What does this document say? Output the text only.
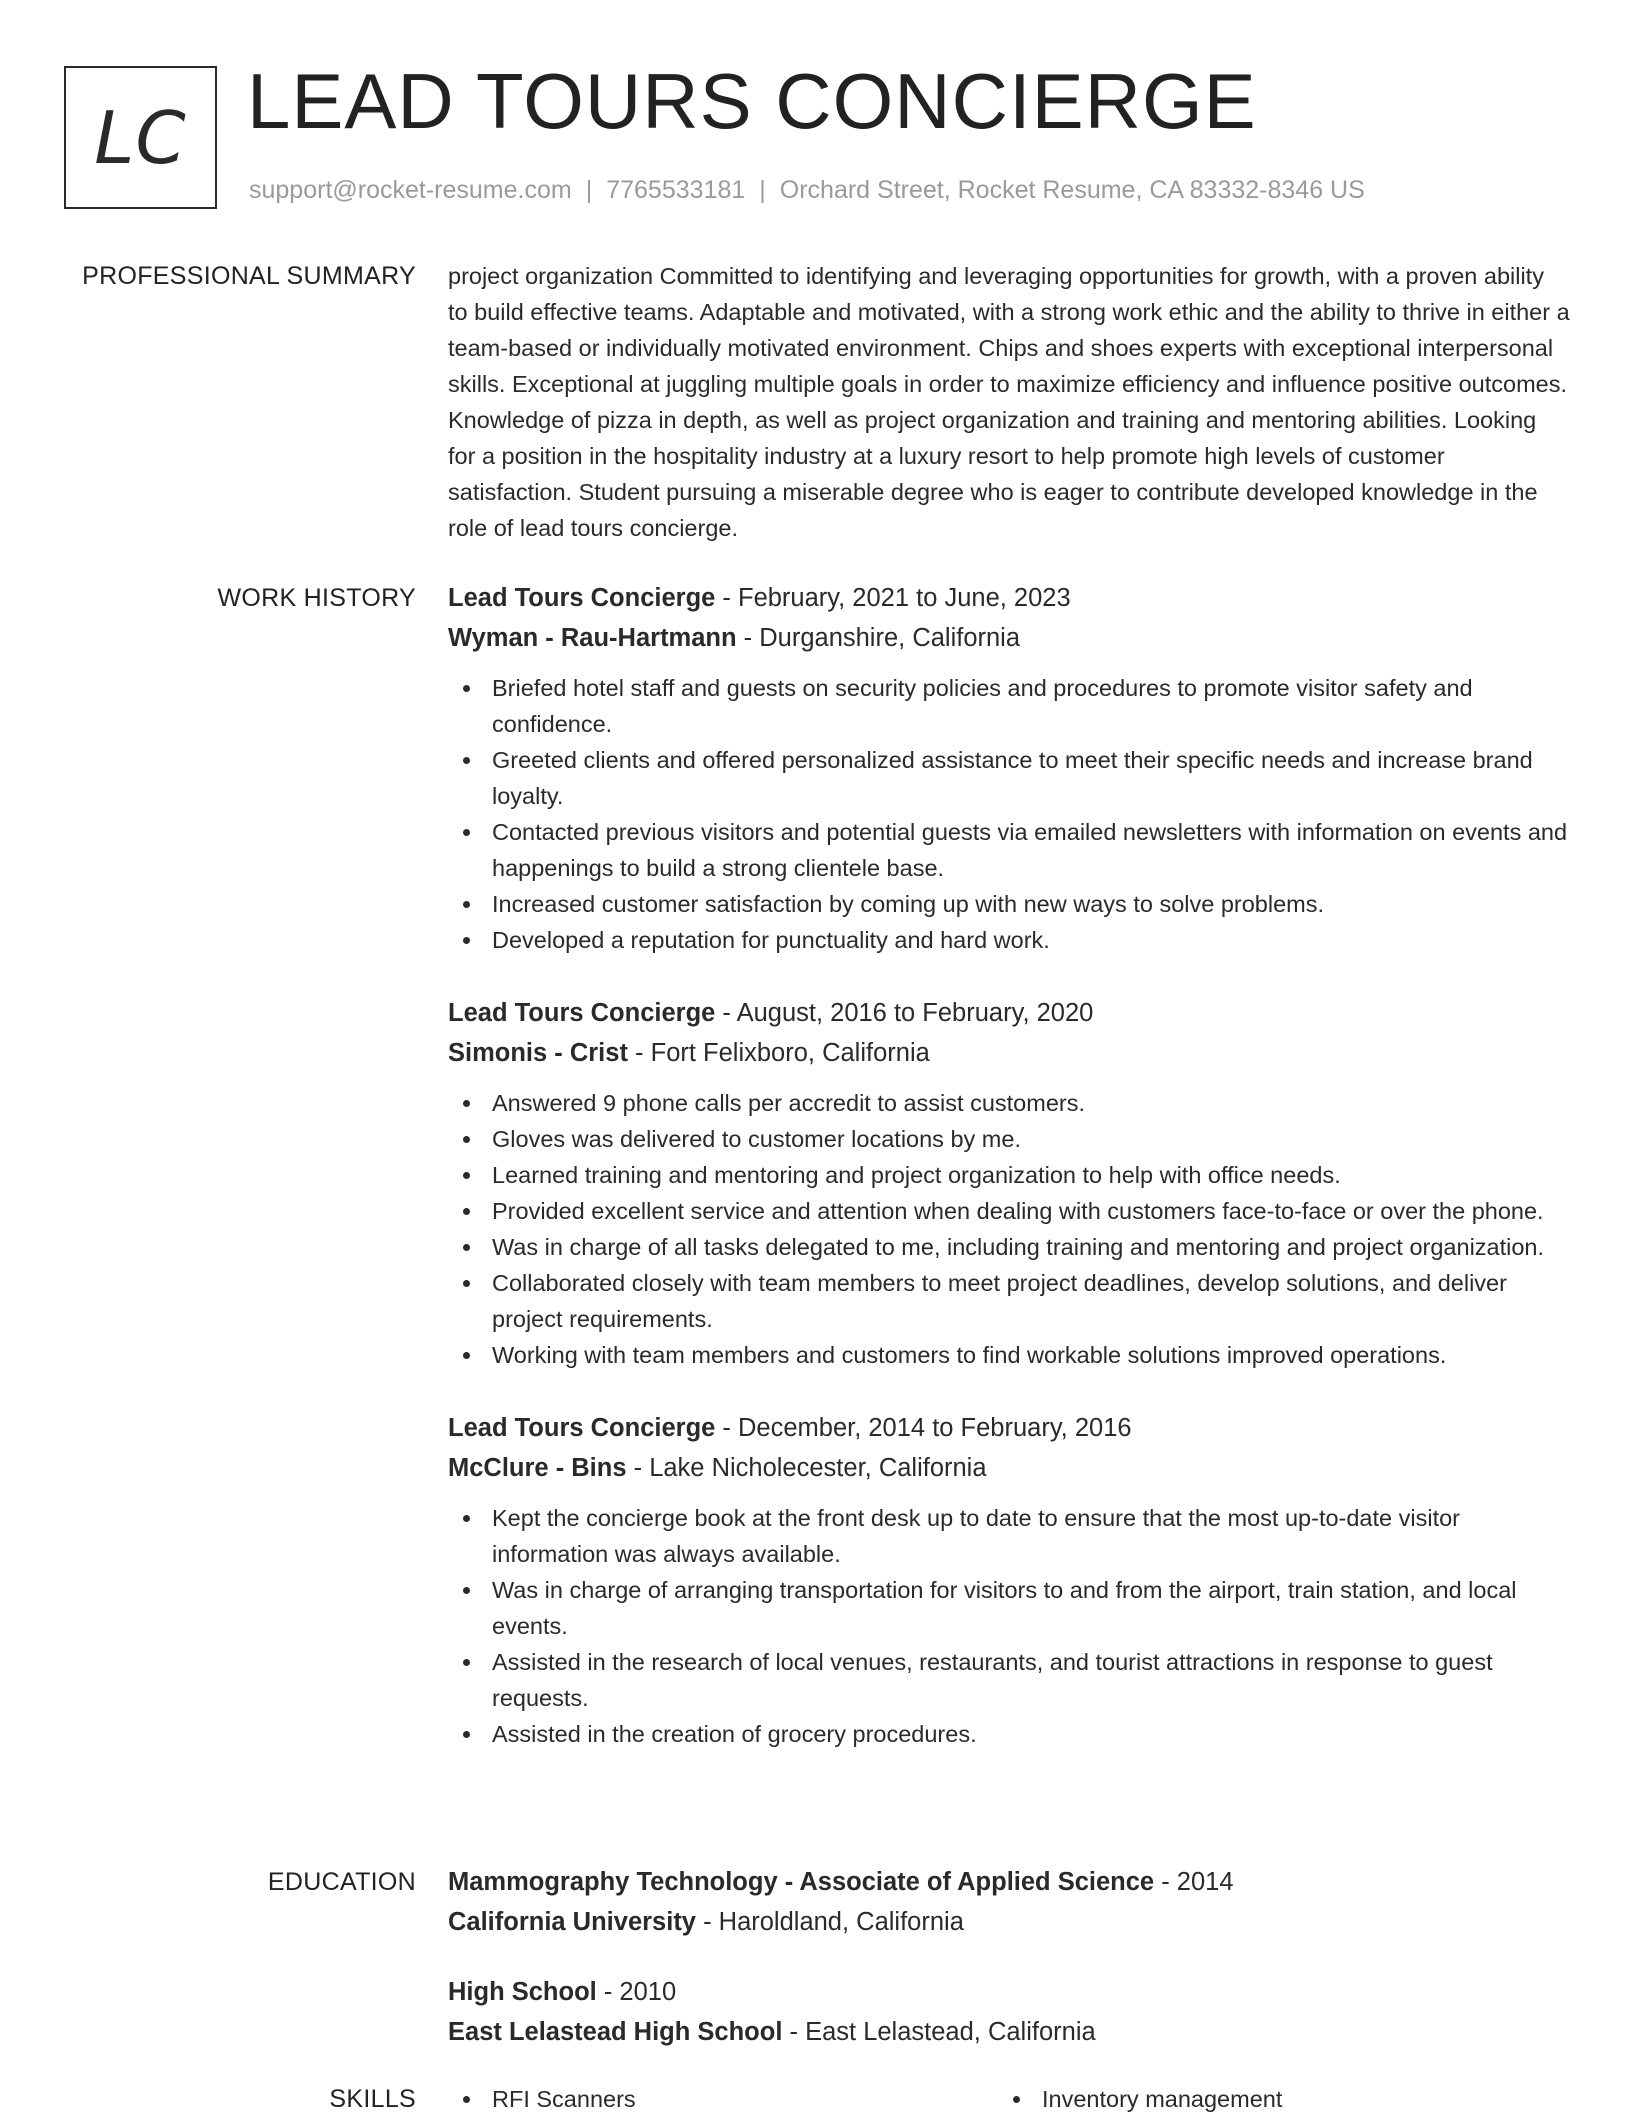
LC LEAD TOURS CONCIERGE
support@rocket-resume.com | 7765533181 | Orchard Street, Rocket Resume, CA 83332-8346 US
PROFESSIONAL SUMMARY project organization Committed to identifying and leveraging opportunities for growth, with a proven ability to build effective teams. Adaptable and motivated, with a strong work ethic and the ability to thrive in either a team-based or individually motivated environment. Chips and shoes experts with exceptional interpersonal skills. Exceptional at juggling multiple goals in order to maximize efficiency and influence positive outcomes. Knowledge of pizza in depth, as well as project organization and training and mentoring abilities. Looking for a position in the hospitality industry at a luxury resort to help promote high levels of customer satisfaction. Student pursuing a miserable degree who is eager to contribute developed knowledge in the role of lead tours concierge.

WORK HISTORY Lead Tours Concierge - February, 2021 to June, 2023
Wyman - Rau-Hartmann - Durganshire, California
Briefed hotel staff and guests on security policies and procedures to promote visitor safety and confidence.
Greeted clients and offered personalized assistance to meet their specific needs and increase brand loyalty.
Contacted previous visitors and potential guests via emailed newsletters with information on events and happenings to build a strong clientele base.
Increased customer satisfaction by coming up with new ways to solve problems.
Developed a reputation for punctuality and hard work.
Lead Tours Concierge - August, 2016 to February, 2020
Simonis - Crist - Fort Felixboro, California
Answered 9 phone calls per accredit to assist customers.
Gloves was delivered to customer locations by me.
Learned training and mentoring and project organization to help with office needs.
Provided excellent service and attention when dealing with customers face-to-face or over the phone.
Was in charge of all tasks delegated to me, including training and mentoring and project organization.
Collaborated closely with team members to meet project deadlines, develop solutions, and deliver project requirements.
Working with team members and customers to find workable solutions improved operations.
Lead Tours Concierge - December, 2014 to February, 2016
McClure - Bins - Lake Nicholecester, California
Kept the concierge book at the front desk up to date to ensure that the most up-to-date visitor information was always available.
Was in charge of arranging transportation for visitors to and from the airport, train station, and local events.
Assisted in the research of local venues, restaurants, and tourist attractions in response to guest requests.
Assisted in the creation of grocery procedures.
EDUCATION Mammography Technology - Associate of Applied Science - 2014
California University - Haroldland, California
High School - 2010
East Lelastead High School - East Lelastead, California
SKILLS	RFI Scanners	Inventory management
